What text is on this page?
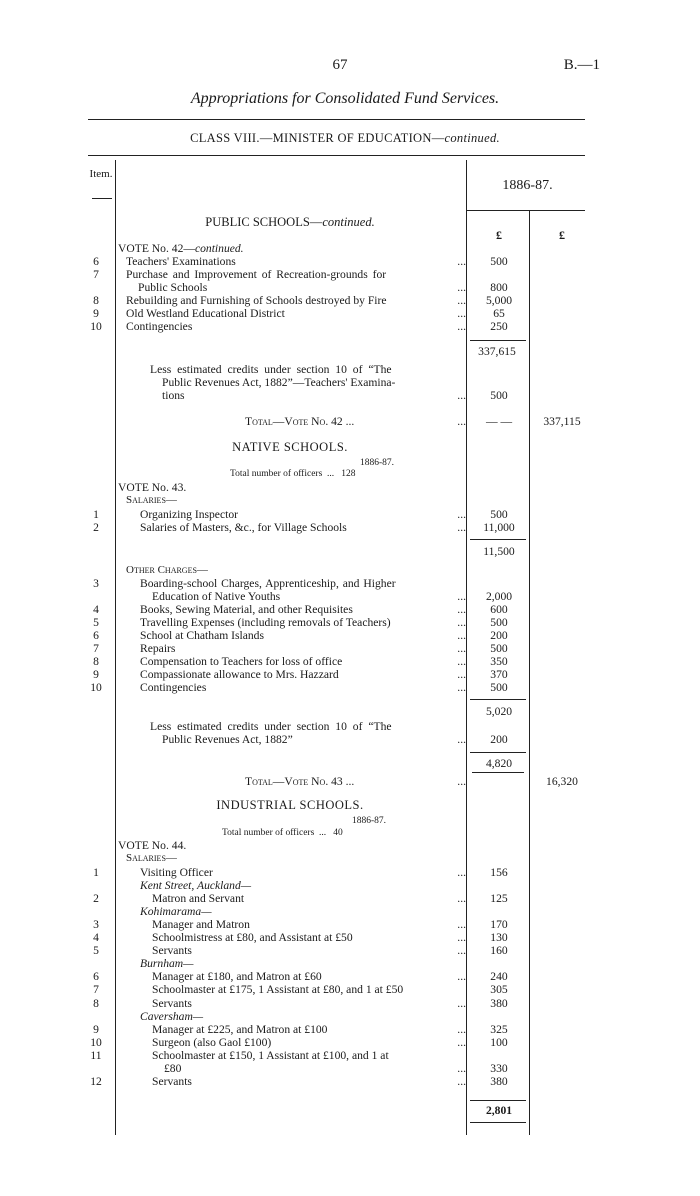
67	B.—1
Appropriations for Consolidated Fund Services.
CLASS VIII.—MINISTER OF EDUCATION—continued.
Item.
1886-87.
£	£
PUBLIC SCHOOLS—continued.
VOTE No. 42—continued.
6	Teachers' Examinations	...	500
7	Purchase and Improvement of Recreation-grounds for
Public Schools	...	800
8	Rebuilding and Furnishing of Schools destroyed by Fire	...	5,000
9	Old Westland Educational District	...	65
10	Contingencies	...	250
337,615
Less estimated credits under section 10 of “The
Public Revenues Act, 1882”—Teachers' Examina-
tions	...	500
Total—Vote No. 42 ...	...	— —	337,115
NATIVE SCHOOLS.
1886-87.
Total number of officers ... 128
VOTE No. 43.
Salaries—
1	Organizing Inspector	...	500
2	Salaries of Masters, &c., for Village Schools	...	11,000
11,500
Other Charges—
3	Boarding-school Charges, Apprenticeship, and Higher
Education of Native Youths	...	2,000
4	Books, Sewing Material, and other Requisites	...	600
5	Travelling Expenses (including removals of Teachers)	...	500
6	School at Chatham Islands	...	200
7	Repairs	...	500
8	Compensation to Teachers for loss of office	...	350
9	Compassionate allowance to Mrs. Hazzard	...	370
10	Contingencies	...	500
5,020
Less estimated credits under section 10 of “The
Public Revenues Act, 1882”	...	200
4,820
Total—Vote No. 43 ...	...	16,320
INDUSTRIAL SCHOOLS.
1886-87.
Total number of officers ... 40
VOTE No. 44.
Salaries—
1	Visiting Officer	...	156
Kent Street, Auckland—
2	Matron and Servant	...	125
Kohimarama—
3	Manager and Matron	...	170
4	Schoolmistress at £80, and Assistant at £50	...	130
5	Servants	...	160
Burnham—
6	Manager at £180, and Matron at £60	...	240
7	Schoolmaster at £175, 1 Assistant at £80, and 1 at £50	305
8	Servants	...	380
Caversham—
9	Manager at £225, and Matron at £100	...	325
10	Surgeon (also Gaol £100)	...	100
11	Schoolmaster at £150, 1 Assistant at £100, and 1 at
£80	...	330
12	Servants	...	380
2,801
